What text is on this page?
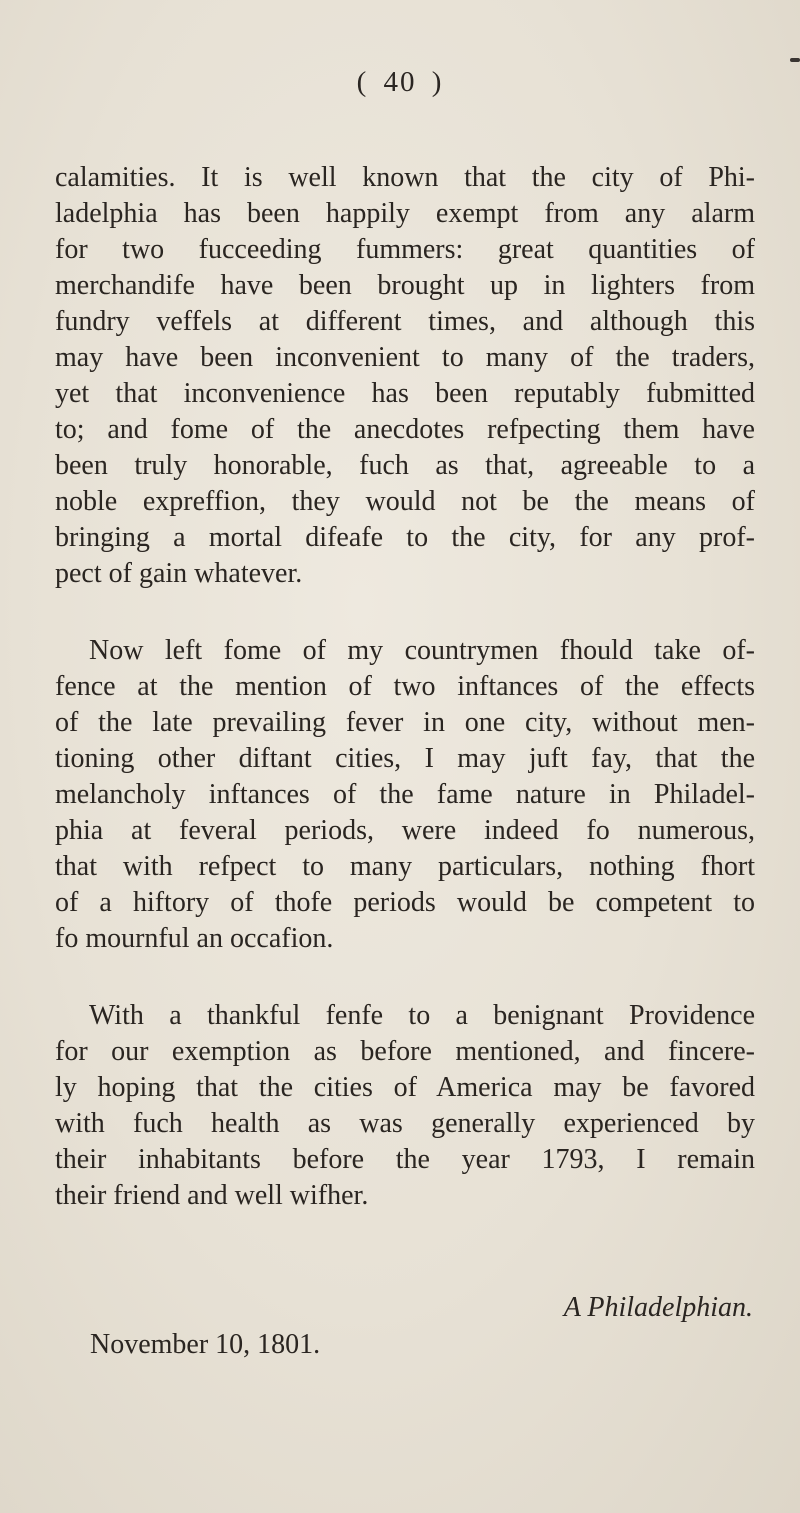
( 40 )

calamities. It is well known that the city of Phi-
ladelphia has been happily exempt from any alarm
for two fucceeding fummers: great quantities of
merchandife have been brought up in lighters from
fundry veffels at different times, and although this
may have been inconvenient to many of the traders,
yet that inconvenience has been reputably fubmitted
to; and fome of the anecdotes refpecting them have
been truly honorable, fuch as that, agreeable to a
noble expreffion, they would not be the means of
bringing a mortal difeafe to the city, for any prof-
pect of gain whatever.

Now left fome of my countrymen fhould take of-
fence at the mention of two inftances of the effects
of the late prevailing fever in one city, without men-
tioning other diftant cities, I may juft fay, that the
melancholy inftances of the fame nature in Philadel-
phia at feveral periods, were indeed fo numerous,
that with refpect to many particulars, nothing fhort
of a hiftory of thofe periods would be competent to
fo mournful an occafion.

With a thankful fenfe to a benignant Providence
for our exemption as before mentioned, and fincere-
ly hoping that the cities of America may be favored
with fuch health as was generally experienced by
their inhabitants before the year 1793, I remain
their friend and well wifher.

A Philadelphian.
November 10, 1801.
